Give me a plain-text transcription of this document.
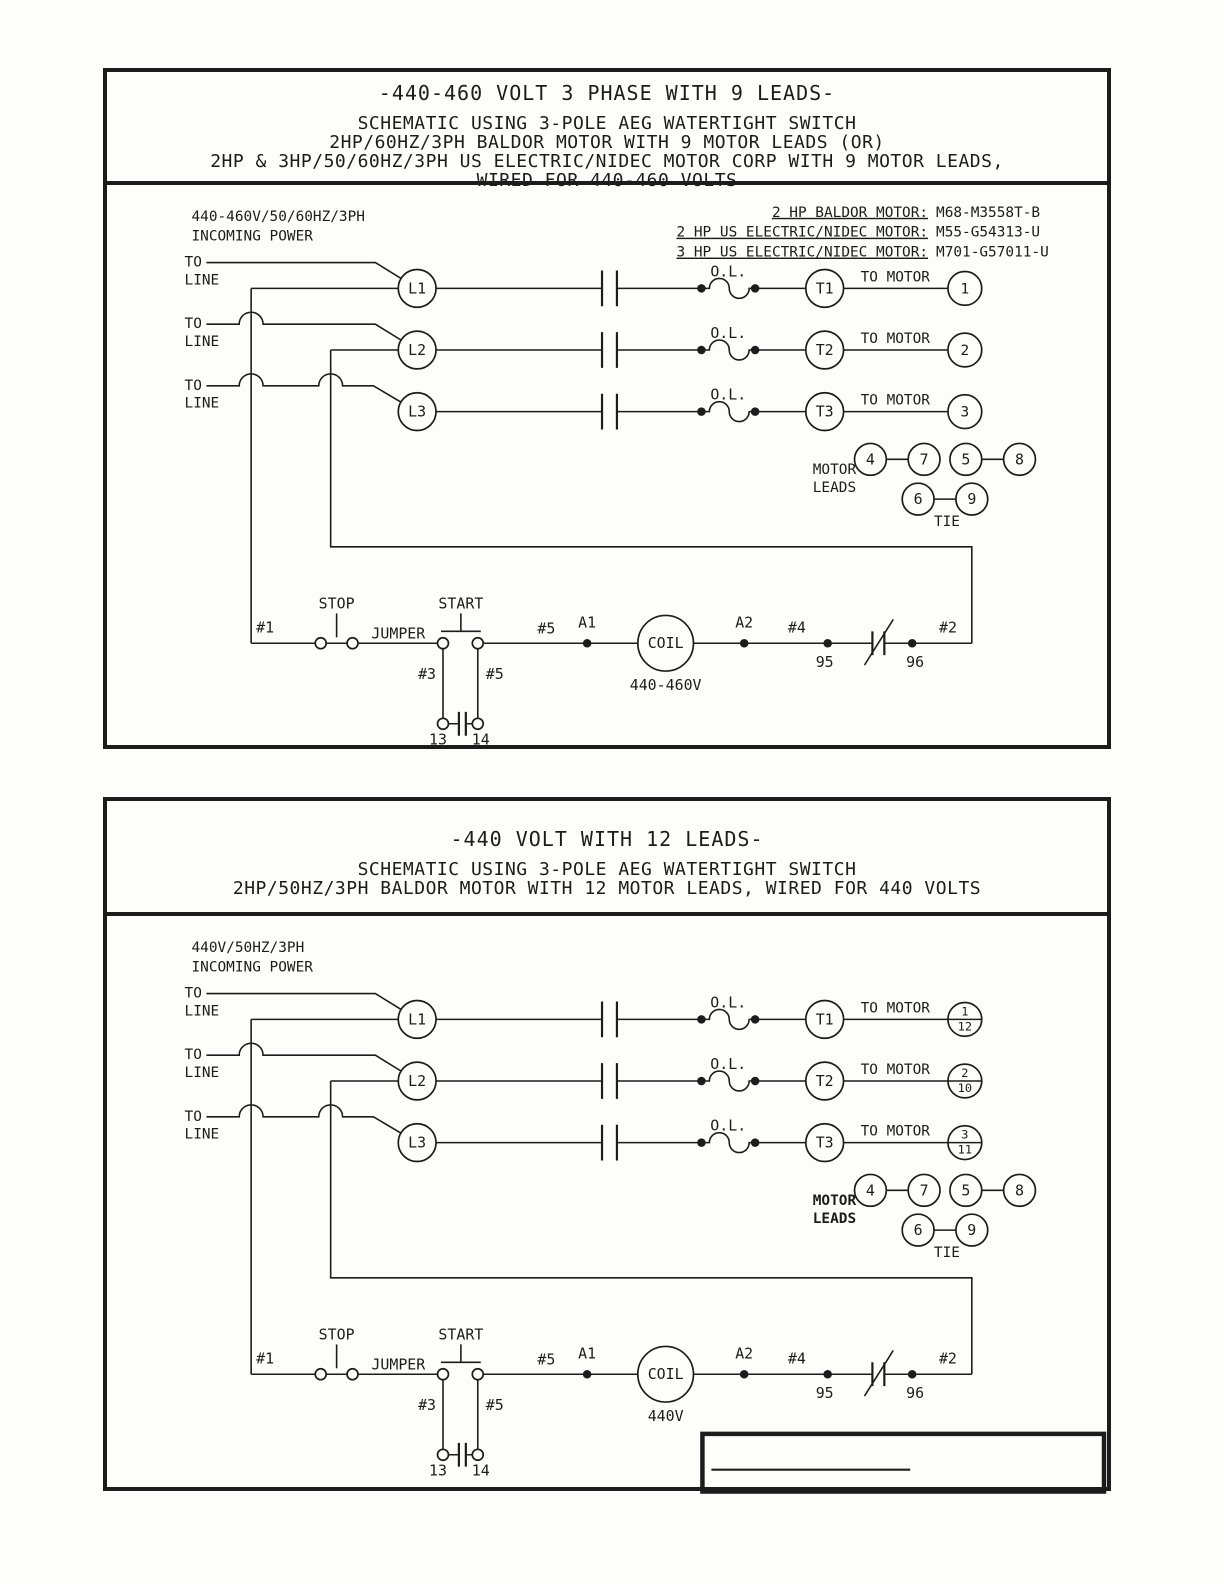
-440-460 VOLT 3 PHASE WITH 9 LEADS-
SCHEMATIC USING 3-POLE AEG WATERTIGHT SWITCH
2HP/60HZ/3PH BALDOR MOTOR WITH 9 MOTOR LEADS (OR)
2HP & 3HP/50/60HZ/3PH US ELECTRIC/NIDEC MOTOR CORP WITH 9 MOTOR LEADS,
WIRED FOR 440-460 VOLTS
440-460V/50/60HZ/3PH
INCOMING POWER
2 HP BALDOR MOTOR: M68-M3558T-B
2 HP US ELECTRIC/NIDEC MOTOR: M55-G54313-U
3 HP US ELECTRIC/NIDEC MOTOR: M701-G57011-U
O.L.
O.L.
O.L.
TO
LINE
TO
LINE
TO
LINE
L1
L2
L3
T1
T2
T3
TO MOTOR
TO MOTOR
TO MOTOR
1
2
3
4	7 5	8
6	9
MOTOR
LEADS
TIE
#1
STOP
JUMPER
START
#3	#5
13 14
#5 A1
COIL
440-460V
A2 #4
95	96
#2
-440 VOLT WITH 12 LEADS-
SCHEMATIC USING 3-POLE AEG WATERTIGHT SWITCH
2HP/50HZ/3PH BALDOR MOTOR WITH 12 MOTOR LEADS, WIRED FOR 440 VOLTS
440V/50HZ/3PH
INCOMING POWER
O.L.
O.L.
O.L.
TO
LINE
TO
LINE
TO
LINE
L1
L2
L3
T1
T2
T3
TO MOTOR
TO MOTOR
TO MOTOR
1
12
2
10
3
11
4	7 5	8
6	9
MOTOR
LEADS
TIE
#1
STOP
JUMPER
START
#3	#5
13 14
#5 A1
COIL
440V
A2 #4
95	96
#2
